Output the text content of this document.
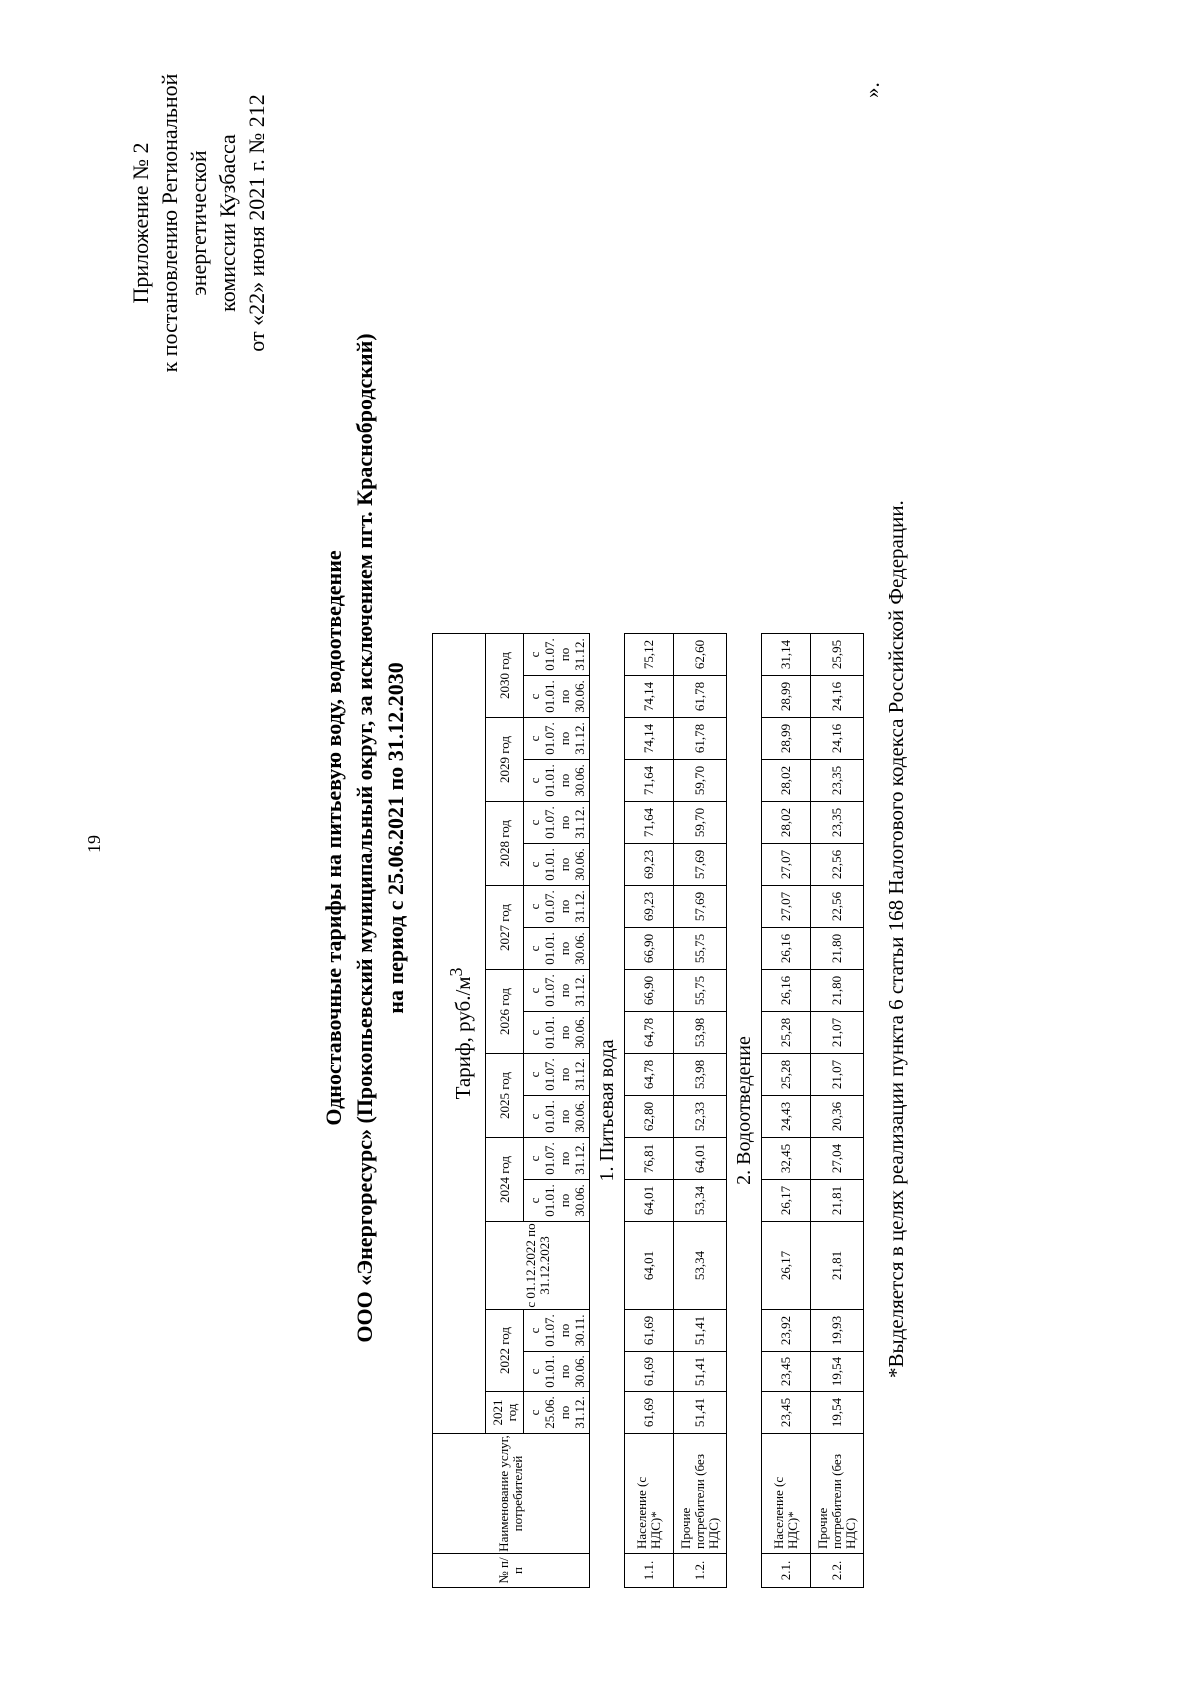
19
Приложение № 2 к постановлению Региональной энергетической комиссии Кузбасса от «22» июня 2021 г. № 212
Одноставочные тарифы на питьевую воду, водоотведение ООО «Энергоресурс» (Прокопьевский муниципальный округ, за исключением пгт. Краснобродский) на период с 25.06.2021 по 31.12.2030
№ п/п	Наименование услуг, потребителей	Тариф, $руб./м^3$
		2021 год	2022 год		с 01.12.2022 по 31.12.2023	2024 год		2025 год		2026 год		2027 год		2028 год		2029 год		2030 год	
		с 25.06. по 31.12.	с 01.01. по 30.06.	с 01.07. по 30.11.		с 01.01. по 30.06.	с 01.07. по 31.12.	с 01.01. по 30.06.	с 01.07. по 31.12.	с 01.01. по 30.06.	с 01.07. по 31.12.	с 01.01. по 30.06.	с 01.07. по 31.12.	с 01.01. по 30.06.	с 01.07. по 31.12.	с 01.01. по 30.06.	с 01.07. по 31.12.	с 01.01. по 30.06.	с 01.07. по 31.12.
1. Питьевая вода																			
1.1.	Население (с НДС)*	61,69	61,69	61,69	64,01	64,01	76,81	62,80	64,78	64,78	66,90	66,90	69,23	69,23	71,64	71,64	74,14	74,14	75,12
1.2.	Прочие потребители (без НДС)	51,41	51,41	51,41	53,34	53,34	64,01	52,33	53,98	53,98	55,75	55,75	57,69	57,69	59,70	59,70	61,78	61,78	62,60
2. Водоотведение																			
2.1.	Население (с НДС)*	23,45	23,45	23,92	26,17	26,17	32,45	24,43	25,28	25,28	26,16	26,16	27,07	27,07	28,02	28,02	28,99	28,99	31,14
2.2.	Прочие потребители (без НДС)	19,54	19,54	19,93	21,81	21,81	27,04	20,36	21,07	21,07	21,80	21,80	22,56	22,56	23,35	23,35	24,16	24,16	25,95 *Выделяется в целях реализации пункта 6 статьи 168 Налогового кодекса Российской Федерации.
».
